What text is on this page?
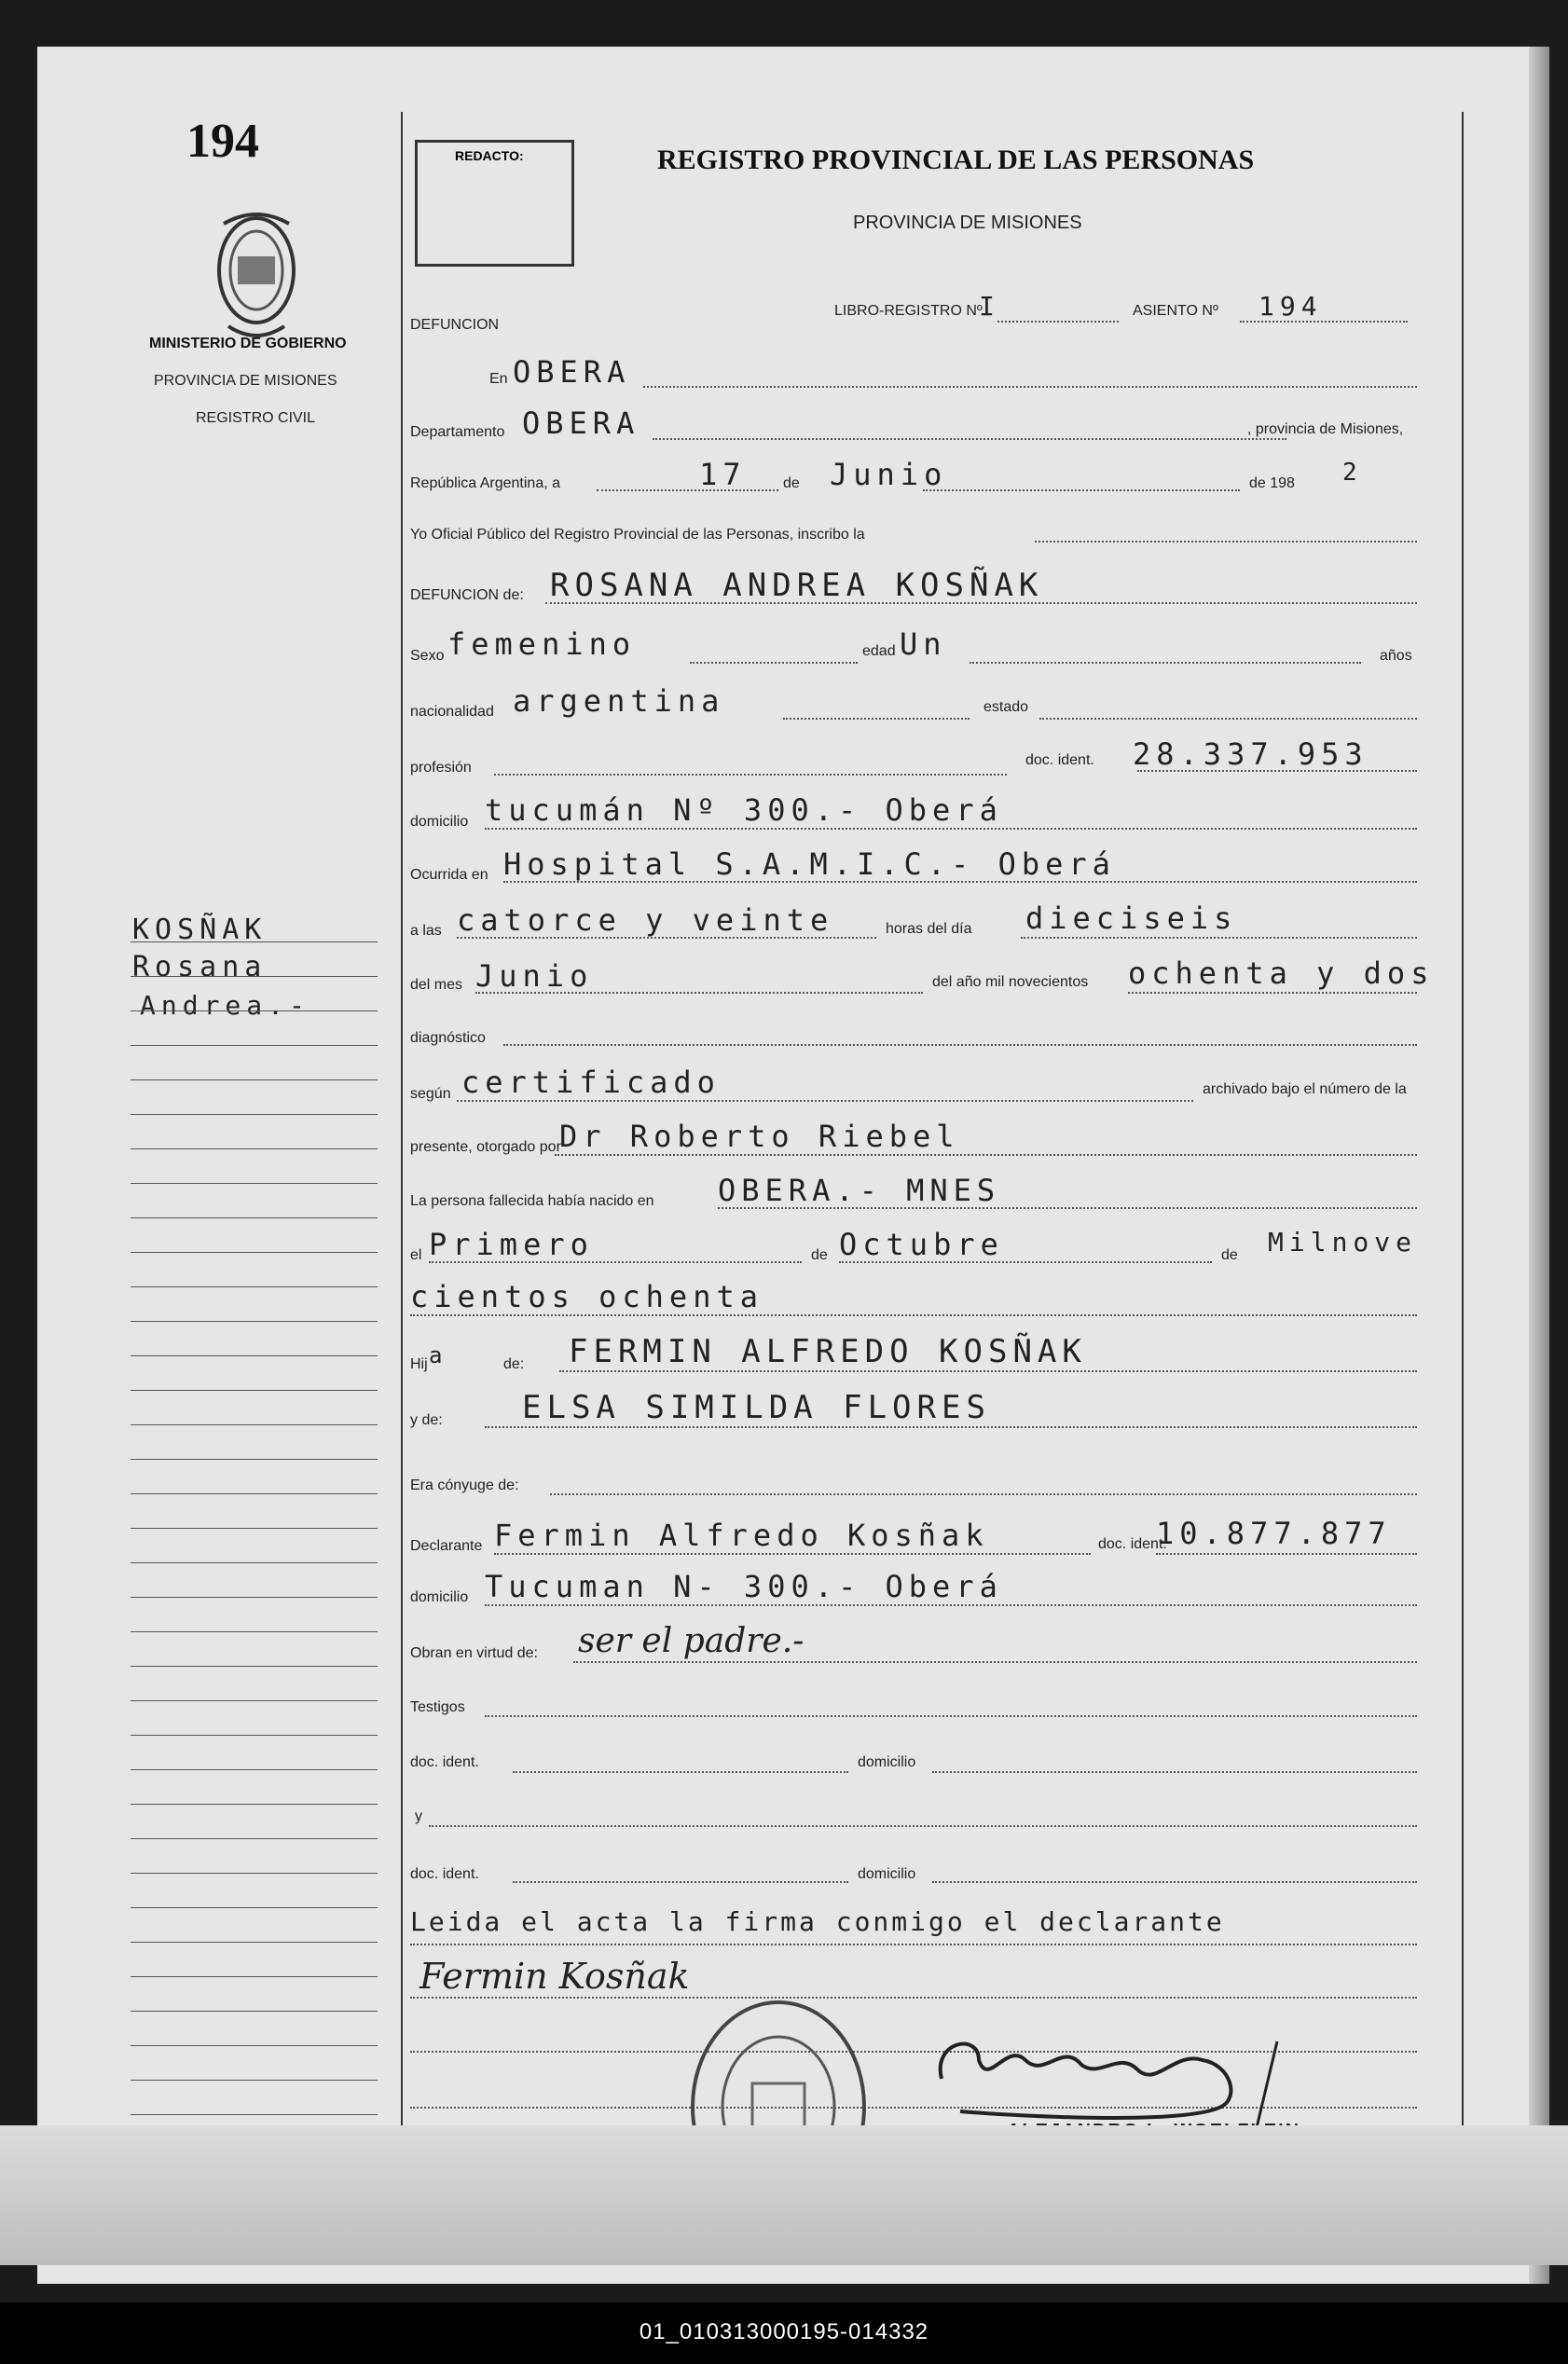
194
MINISTERIO DE GOBIERNO
PROVINCIA DE MISIONES
REGISTRO CIVIL
KOSÑAK
Rosana
Andrea.-
REDACTO:	REGISTRO PROVINCIAL DE LAS PERSONAS
PROVINCIA DE MISIONES
DEFUNCION
LIBRO-REGISTRO Nº
I	ASIENTO Nº 194
En OBERA
Departamento OBERA	, provincia de Misiones,
República Argentina, a	17 de Junio	de 198 2
Yo Oficial Público del Registro Provincial de las Personas, inscribo la
DEFUNCION de: ROSANA ANDREA KOSÑAK
Sexo femenino	edad Un	años
nacionalidad argentina	estado
profesión	doc. ident. 28.337.953
domicilio tucumán Nº 300.- Oberá
Ocurrida en Hospital S.A.M.I.C.- Oberá
a las catorce y veinte	horas del día dieciseis
del mes Junio	del año mil novecientos ochenta y dos
diagnóstico
según certificado	archivado bajo el número de la
presente, otorgado por
Dr Roberto Riebel
La persona fallecida había nacido en OBERA.- MNES
el Primero	de Octubre	de Milnove
cientos ochenta
Hij a	de: FERMIN ALFREDO KOSÑAK
y de:	ELSA SIMILDA FLORES
Era cónyuge de:
Declarante Fermin Alfredo Kosñak	doc. ident.
10.877.877
domicilio Tucuman N- 300.- Oberá
Obran en virtud de: ser el padre.-
Testigos
doc. ident.	domicilio
y
doc. ident.	domicilio
Leida el acta la firma conmigo el declarante
Fermin Kosñak
01_010313000195-014332
